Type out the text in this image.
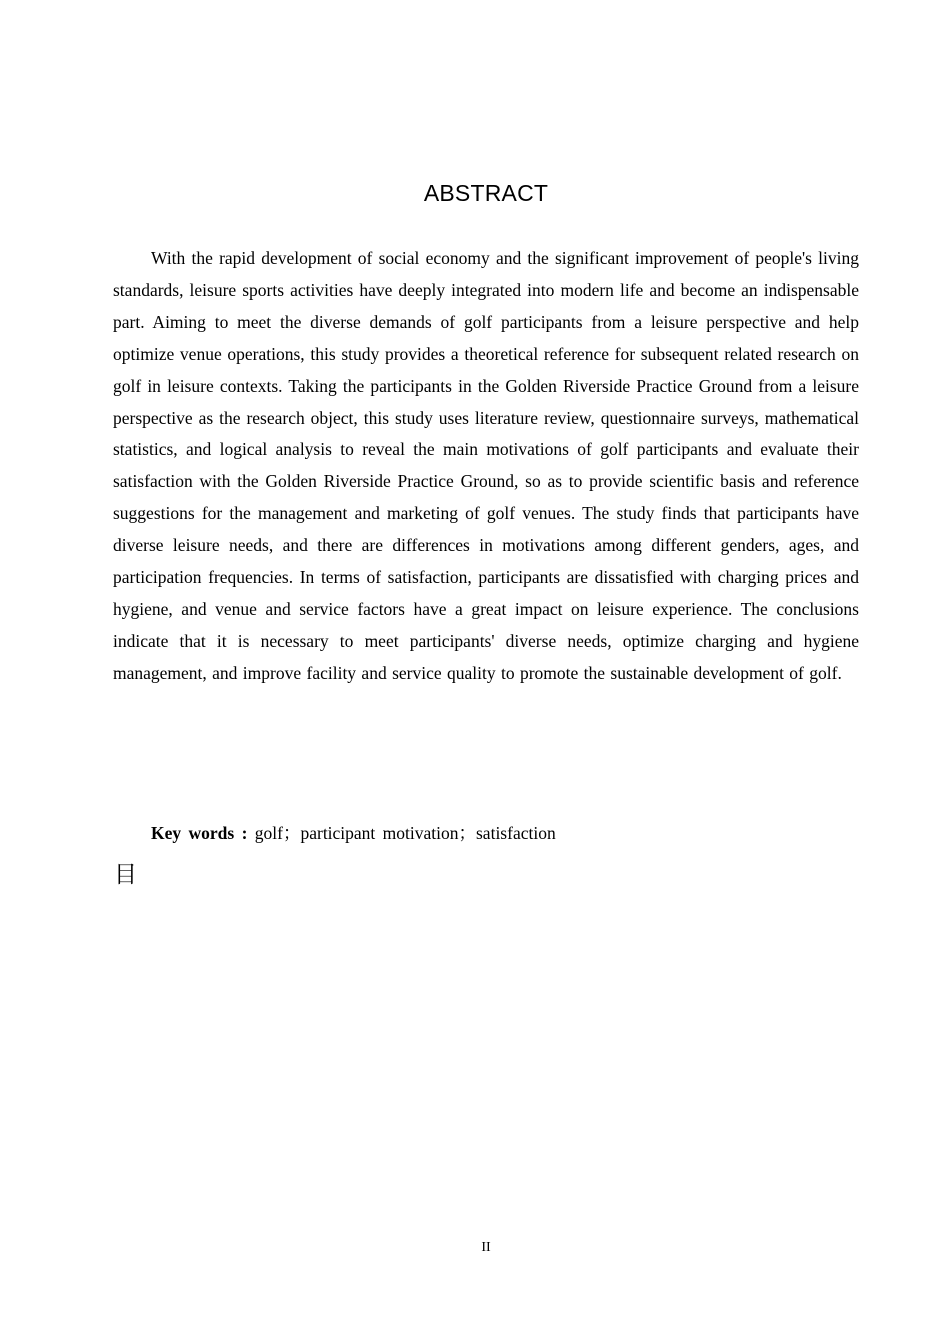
ABSTRACT

With the rapid development of social economy and the significant improvement of people's living standards, leisure sports activities have deeply integrated into modern life and become an indispensable part. Aiming to meet the diverse demands of golf participants from a leisure perspective and help optimize venue operations, this study provides a theoretical reference for subsequent related research on golf in leisure contexts. Taking the participants in the Golden Riverside Practice Ground from a leisure perspective as the research object, this study uses literature review, questionnaire surveys, mathematical statistics, and logical analysis to reveal the main motivations of golf participants and evaluate their satisfaction with the Golden Riverside Practice Ground, so as to provide scientific basis and reference suggestions for the management and marketing of golf venues. The study finds that participants have diverse leisure needs, and there are differences in motivations among different genders, ages, and participation frequencies. In terms of satisfaction, participants are dissatisfied with charging prices and hygiene, and venue and service factors have a great impact on leisure experience. The conclusions indicate that it is necessary to meet participants' diverse needs, optimize charging and hygiene management, and improve facility and service quality to promote the sustainable development of golf.

Key words : golf；participant motivation；satisfaction
目
II
